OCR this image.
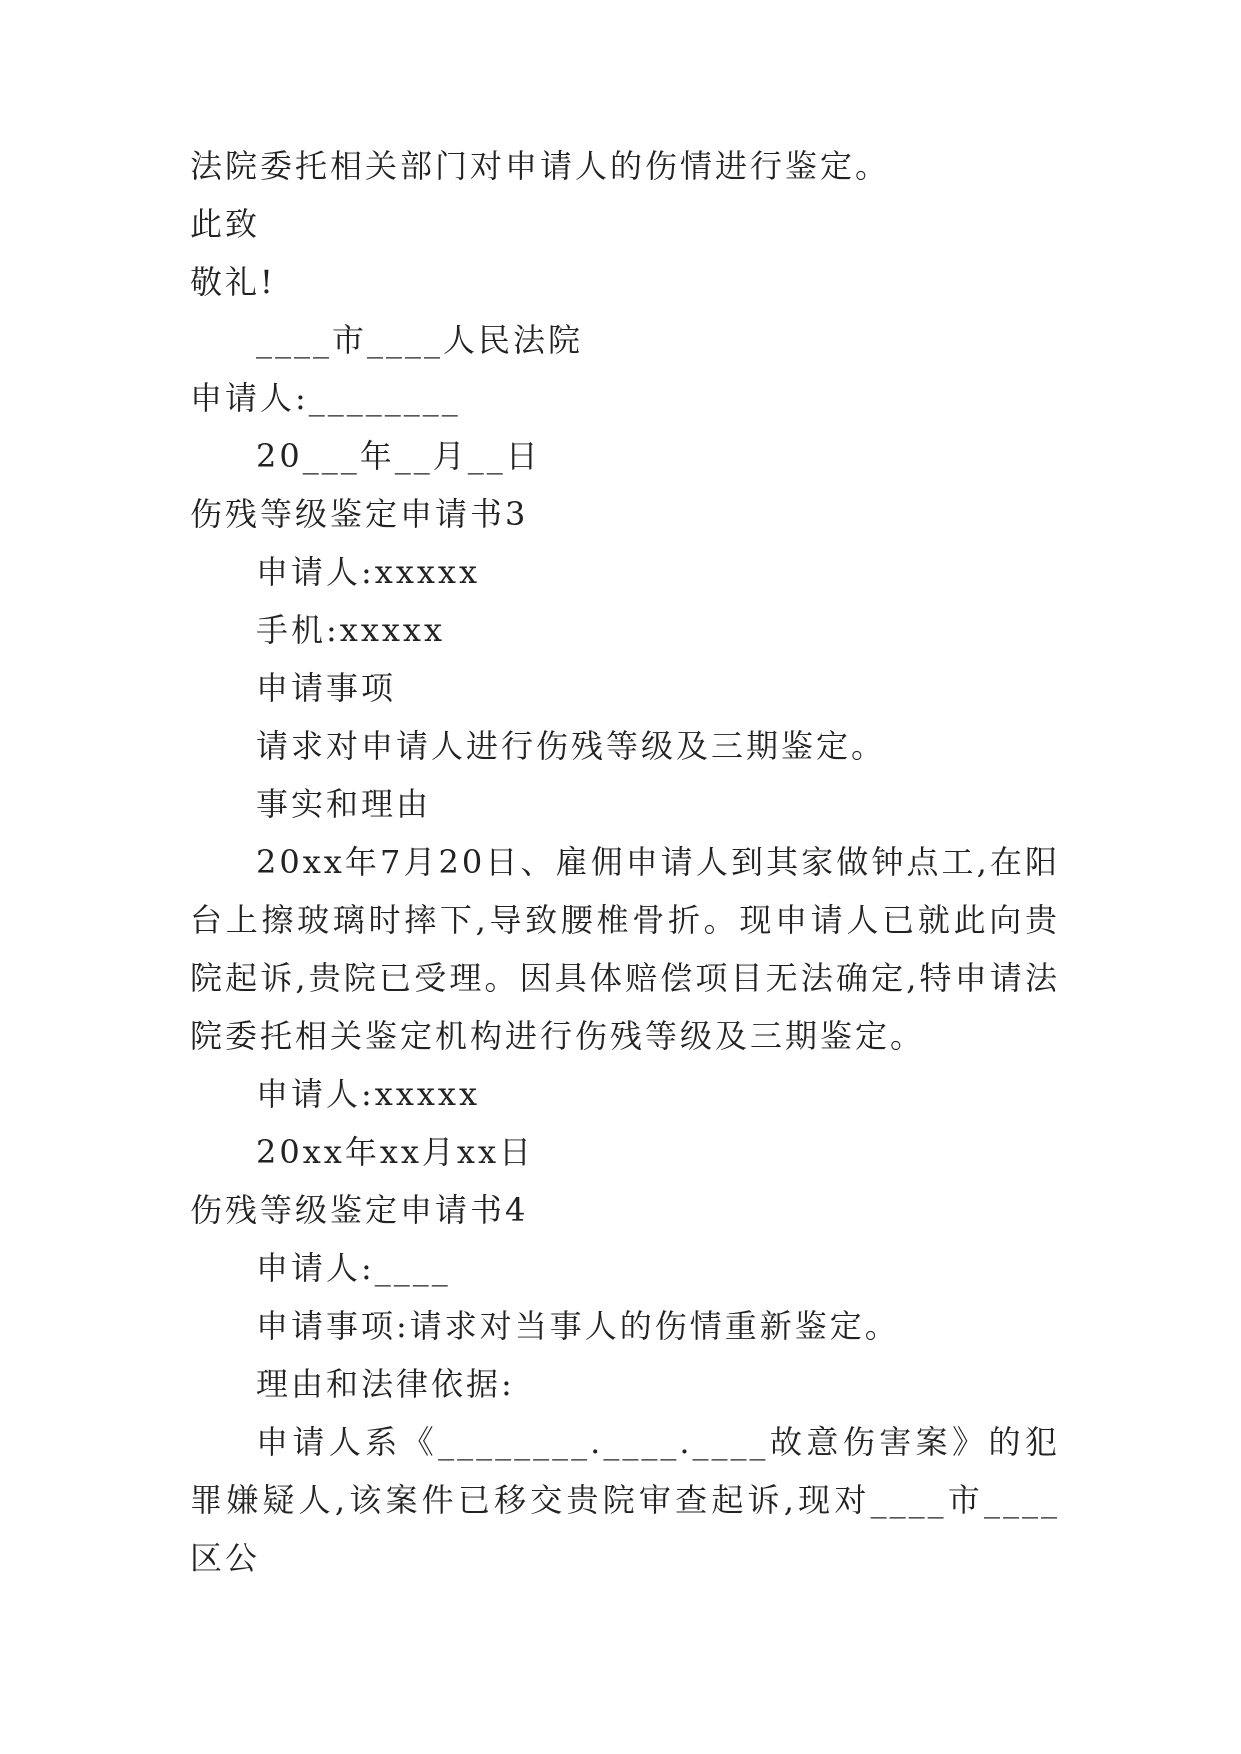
法院委托相关部门对申请人的伤情进行鉴定。
此致
敬礼!
____市____人民法院
申请人:________
20___年__月__日
伤残等级鉴定申请书3
申请人:xxxxx
手机:xxxxx
申请事项
请求对申请人进行伤残等级及三期鉴定。
事实和理由
20xx年7月20日、雇佣申请人到其家做钟点工,在阳台上擦玻璃时摔下,导致腰椎骨折。现申请人已就此向贵院起诉,贵院已受理。因具体赔偿项目无法确定,特申请法院委托相关鉴定机构进行伤残等级及三期鉴定。
申请人:xxxxx
20xx年xx月xx日
伤残等级鉴定申请书4
申请人:____
申请事项:请求对当事人的伤情重新鉴定。
理由和法律依据:
申请人系《________.____.____故意伤害案》的犯罪嫌疑人,该案件已移交贵院审查起诉,现对____市____区公
